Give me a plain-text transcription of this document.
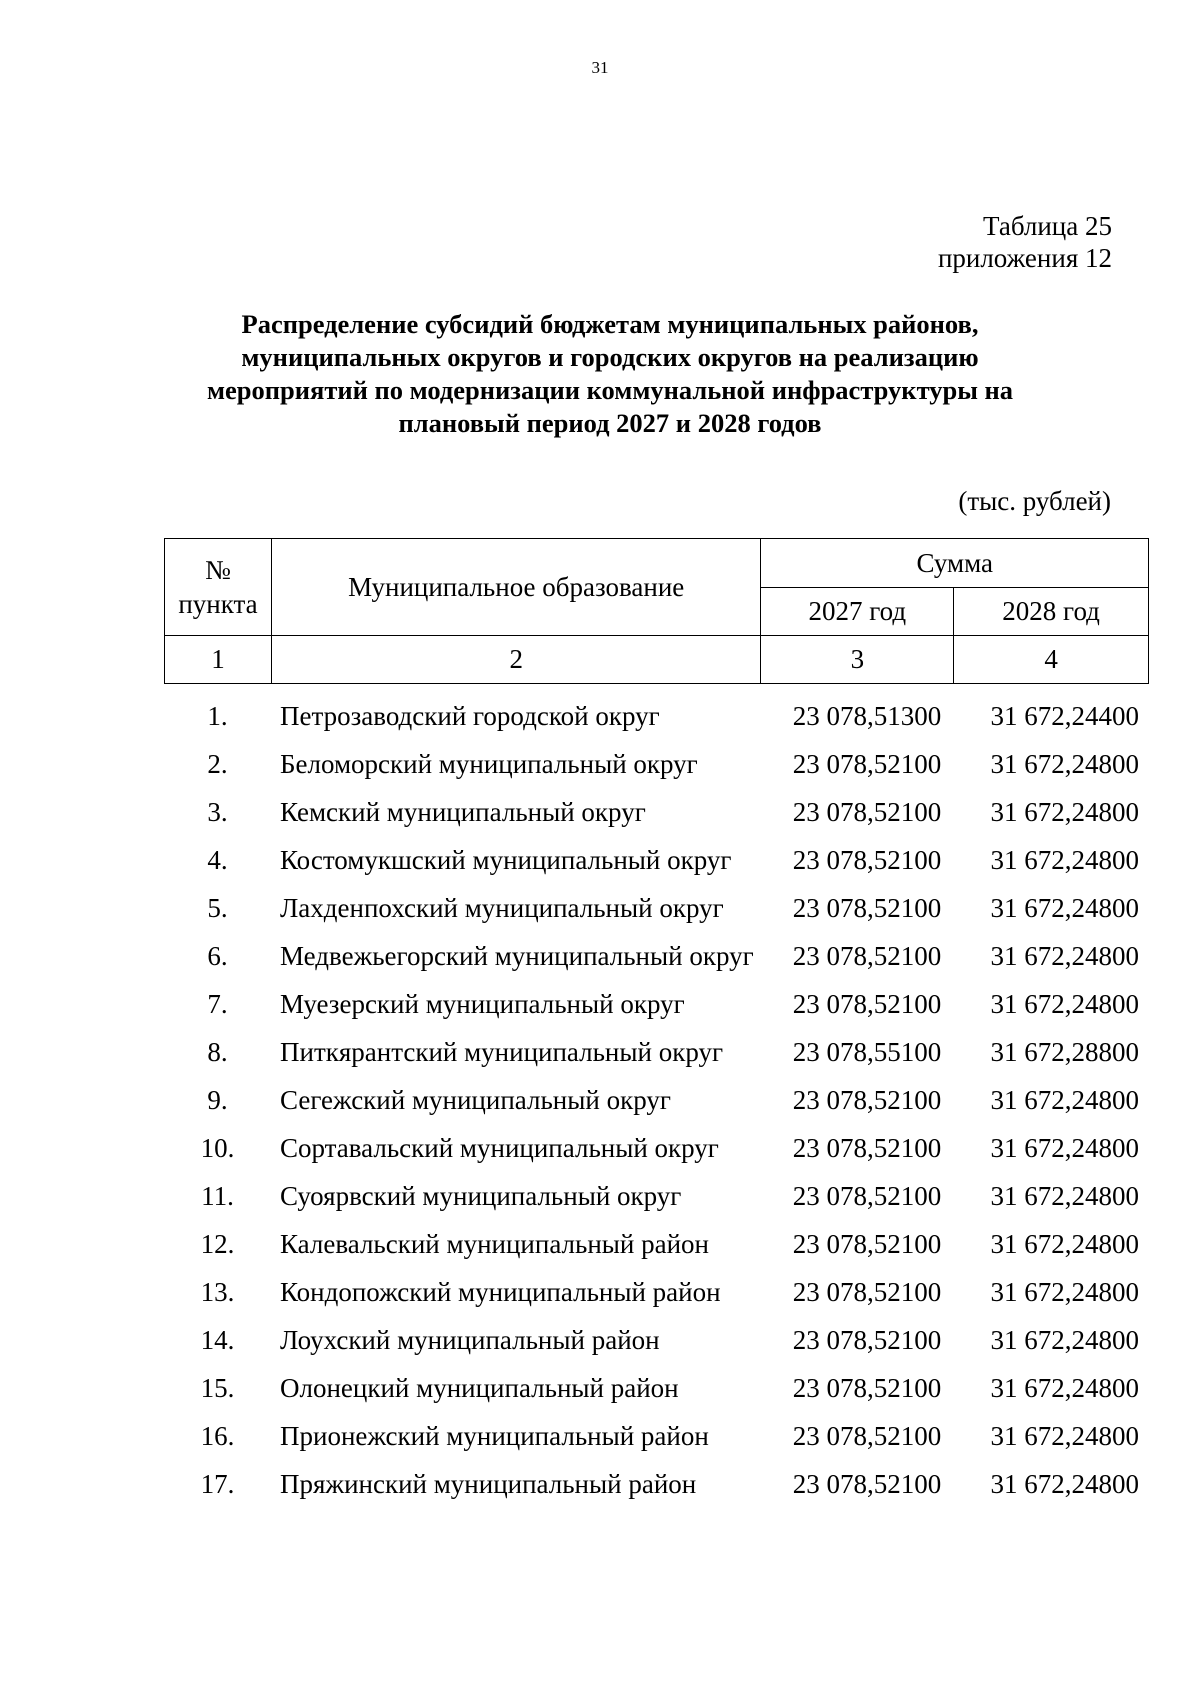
31
Таблица 25
приложения 12
Распределение субсидий бюджетам муниципальных районов,
муниципальных округов и городских округов на реализацию
мероприятий по модернизации коммунальной инфраструктуры на
плановый период 2027 и 2028 годов
(тыс. рублей)
№
пункта	Муниципальное образование	Сумма	
		2027 год	2028 год
1	2	3	4
1.	Петрозаводский городской округ	23 078,51300	31 672,24400
2.	Беломорский муниципальный округ	23 078,52100	31 672,24800
3.	Кемский муниципальный округ	23 078,52100	31 672,24800
4.	Костомукшский муниципальный округ	23 078,52100	31 672,24800
5.	Лахденпохский муниципальный округ	23 078,52100	31 672,24800
6.	Медвежьегорский муниципальный округ	23 078,52100	31 672,24800
7.	Муезерский муниципальный округ	23 078,52100	31 672,24800
8.	Питкярантский муниципальный округ	23 078,55100	31 672,28800
9.	Сегежский муниципальный округ	23 078,52100	31 672,24800
10.	Сортавальский муниципальный округ	23 078,52100	31 672,24800
11.	Суоярвский муниципальный округ	23 078,52100	31 672,24800
12.	Калевальский муниципальный район	23 078,52100	31 672,24800
13.	Кондопожский муниципальный район	23 078,52100	31 672,24800
14.	Лоухский муниципальный район	23 078,52100	31 672,24800
15.	Олонецкий муниципальный район	23 078,52100	31 672,24800
16.	Прионежский муниципальный район	23 078,52100	31 672,24800
17.	Пряжинский муниципальный район	23 078,52100	31 672,24800
